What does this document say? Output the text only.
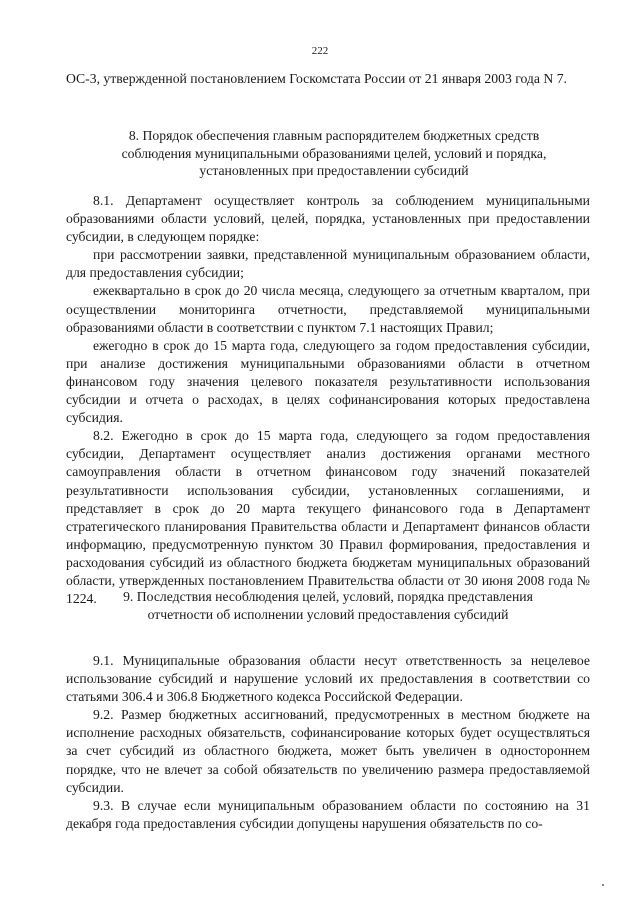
222

ОС-3, утвержденной постановлением Госкомстата России от 21 января 2003 года N 7.

8. Порядок обеспечения главным распорядителем бюджетных средств соблюдения муниципальными образованиями целей, условий и порядка, установленных при предоставлении субсидий

8.1. Департамент осуществляет контроль за соблюдением муниципальными образованиями области условий, целей, порядка, установленных при предоставлении субсидии, в следующем порядке:

при рассмотрении заявки, представленной муниципальным образованием области, для предоставления субсидии;

ежеквартально в срок до 20 числа месяца, следующего за отчетным кварталом, при осуществлении мониторинга отчетности, представляемой муниципальными образованиями области в соответствии с пунктом 7.1 настоящих Правил;

ежегодно в срок до 15 марта года, следующего за годом предоставления субсидии, при анализе достижения муниципальными образованиями области в отчетном финансовом году значения целевого показателя результативности использования субсидии и отчета о расходах, в целях софинансирования которых предоставлена субсидия.

8.2. Ежегодно в срок до 15 марта года, следующего за годом предоставления субсидии, Департамент осуществляет анализ достижения органами местного самоуправления области в отчетном финансовом году значений показателей результативности использования субсидии, установленных соглашениями, и представляет в срок до 20 марта текущего финансового года в Департамент стратегического планирования Правительства области и Департамент финансов области информацию, предусмотренную пунктом 30 Правил формирования, предоставления и расходования субсидий из областного бюджета бюджетам муниципальных образований области, утвержденных постановлением Правительства области от 30 июня 2008 года № 1224.	9. Последствия несоблюдения целей, условий, порядка представления отчетности об исполнении условий предоставления субсидий

9.1. Муниципальные образования области несут ответственность за нецелевое использование субсидий и нарушение условий их предоставления в соответствии со статьями 306.4 и 306.8 Бюджетного кодекса Российской Федерации.

9.2. Размер бюджетных ассигнований, предусмотренных в местном бюджете на исполнение расходных обязательств, софинансирование которых будет осуществляться за счет субсидий из областного бюджета, может быть увеличен в одностороннем порядке, что не влечет за собой обязательств по увеличению размера предоставляемой субсидии.

9.3. В случае если муниципальным образованием области по состоянию на 31 декабря года предоставления субсидии допущены нарушения обязательств по со-
